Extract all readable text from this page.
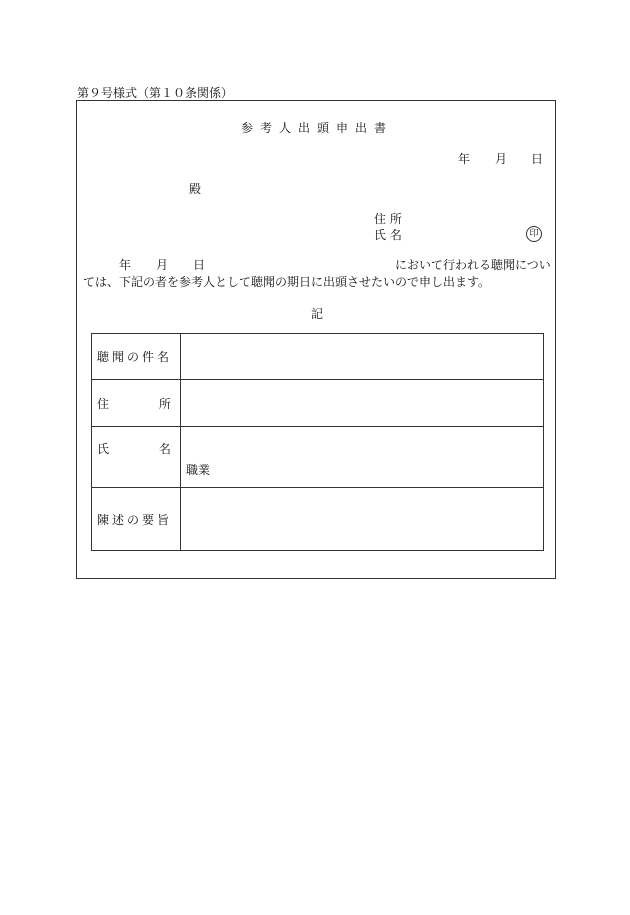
第９号様式（第１０条関係）
参考人出頭申出書
年 月 日
殿
住 所
氏 名	印
年 月 日	において行われる聴聞につい
ては、下記の者を参考人として聴聞の期日に出頭させたいので申し出ます。
記
聴聞の件名	
住 所	
氏 名	職業

陳述の要旨	
